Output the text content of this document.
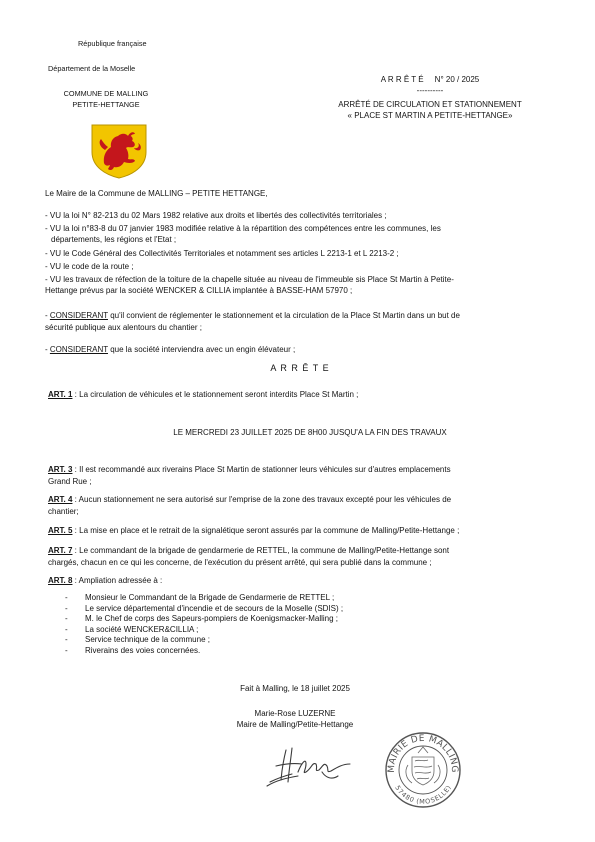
République française
Département de la Moselle
COMMUNE DE MALLING
PETITE-HETTANGE
A R R Ê T É     N° 20 / 2025
----------
ARRÊTÉ DE CIRCULATION ET STATIONNEMENT
« PLACE ST MARTIN A PETITE-HETTANGE»
Le Maire de la Commune de MALLING – PETITE HETTANGE,
- VU la loi N° 82-213 du 02 Mars 1982 relative aux droits et libertés des collectivités territoriales ;
- VU la loi n°83-8 du 07 janvier 1983 modifiée relative à la répartition des compétences entre les communes, les
départements, les régions et l'Etat ;
- VU le Code Général des Collectivités Territoriales et notamment ses articles L 2213-1 et L 2213-2 ;
- VU le code de la route ;
- VU les travaux de réfection de la toiture de la chapelle située au niveau de l'immeuble sis Place St Martin à Petite-
Hettange prévus par la société WENCKER & CILLIA implantée à BASSE-HAM 57970 ;
- CONSIDERANT qu'il convient de réglementer le stationnement et la circulation de la Place St Martin dans un but de
sécurité publique aux alentours du chantier ;
- CONSIDERANT que la société interviendra avec un engin élévateur ;
A R R Ê T E
ART. 1 : La circulation de véhicules et le stationnement seront interdits Place St Martin ;
LE MERCREDI 23 JUILLET 2025 DE 8H00 JUSQU'A LA FIN DES TRAVAUX
ART. 3 : Il est recommandé aux riverains Place St Martin de stationner leurs véhicules sur d'autres emplacements
Grand Rue ;
ART. 4 : Aucun stationnement ne sera autorisé sur l'emprise de la zone des travaux excepté pour les véhicules de
chantier;
ART. 5 : La mise en place et le retrait de la signalétique seront assurés par la commune de Malling/Petite-Hettange ;
ART. 7 : Le commandant de la brigade de gendarmerie de RETTEL, la commune de Malling/Petite-Hettange sont
chargés, chacun en ce qui les concerne, de l'exécution du présent arrêté, qui sera publié dans la commune ;
ART. 8 : Ampliation adressée à :
- Monsieur le Commandant de la Brigade de Gendarmerie de RETTEL ;
- Le service départemental d'incendie et de secours de la Moselle (SDIS) ;
- M. le Chef de corps des Sapeurs-pompiers de Koenigsmacker-Malling ;
- La société WENCKER&CILLIA ;
- Service technique de la commune ;
- Riverains des voies concernées.
Fait à Malling, le 18 juillet 2025
Marie-Rose LUZERNE
Maire de Malling/Petite-Hettange
MAIRIE DE MALLING
57480 (MOSELLE)
